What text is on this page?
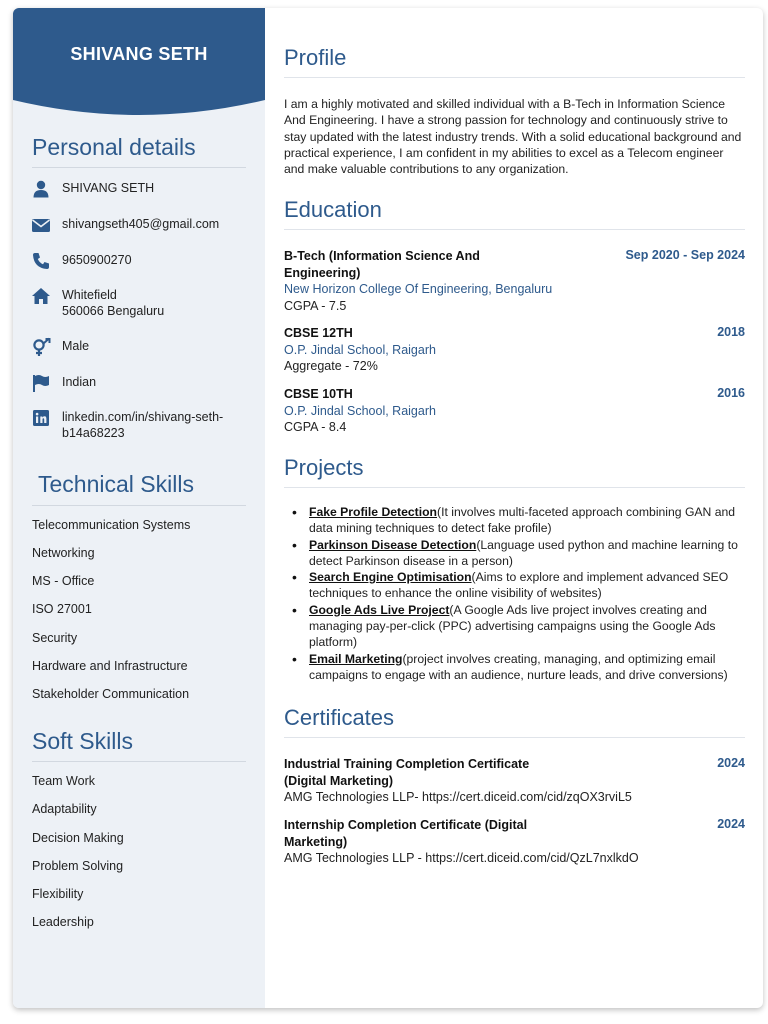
SHIVANG SETH
Personal details
SHIVANG SETH
shivangseth405@gmail.com
9650900270
Whitefield
560066 Bengaluru
Male
Indian
linkedin.com/in/shivang-seth-
b14a68223
Technical Skills
Telecommunication Systems
Networking
MS - Office
ISO 27001
Security
Hardware and Infrastructure
Stakeholder Communication
Soft Skills
Team Work
Adaptability
Decision Making
Problem Solving
Flexibility
Leadership
Profile
I am a highly motivated and skilled individual with a B-Tech in Information Science And Engineering. I have a strong passion for technology and continuously strive to stay updated with the latest industry trends. With a solid educational background and practical experience, I am confident in my abilities to excel as a Telecom engineer and make valuable contributions to any organization.
Education
B-Tech (Information Science And Engineering)
Sep 2020 - Sep 2024
New Horizon College Of Engineering, Bengaluru
CGPA - 7.5
CBSE 12TH	2018
O.P. Jindal School, Raigarh
Aggregate - 72%
CBSE 10TH	2016
O.P. Jindal School, Raigarh
CGPA - 8.4
Projects
• Fake Profile Detection(It involves multi-faceted approach combining GAN and data mining techniques to detect fake profile)
• Parkinson Disease Detection(Language used python and machine learning to detect Parkinson disease in a person)
• Search Engine Optimisation(Aims to explore and implement advanced SEO techniques to enhance the online visibility of websites)
• Google Ads Live Project(A Google Ads live project involves creating and managing pay-per-click (PPC) advertising campaigns using the Google Ads platform)
• Email Marketing(project involves creating, managing, and optimizing email campaigns to engage with an audience, nurture leads, and drive conversions)
Certificates
Industrial Training Completion Certificate (Digital Marketing)
2024
AMG Technologies LLP- https://cert.diceid.com/cid/zqOX3rviL5
Internship Completion Certificate (Digital Marketing)
2024
AMG Technologies LLP - https://cert.diceid.com/cid/QzL7nxlkdO
